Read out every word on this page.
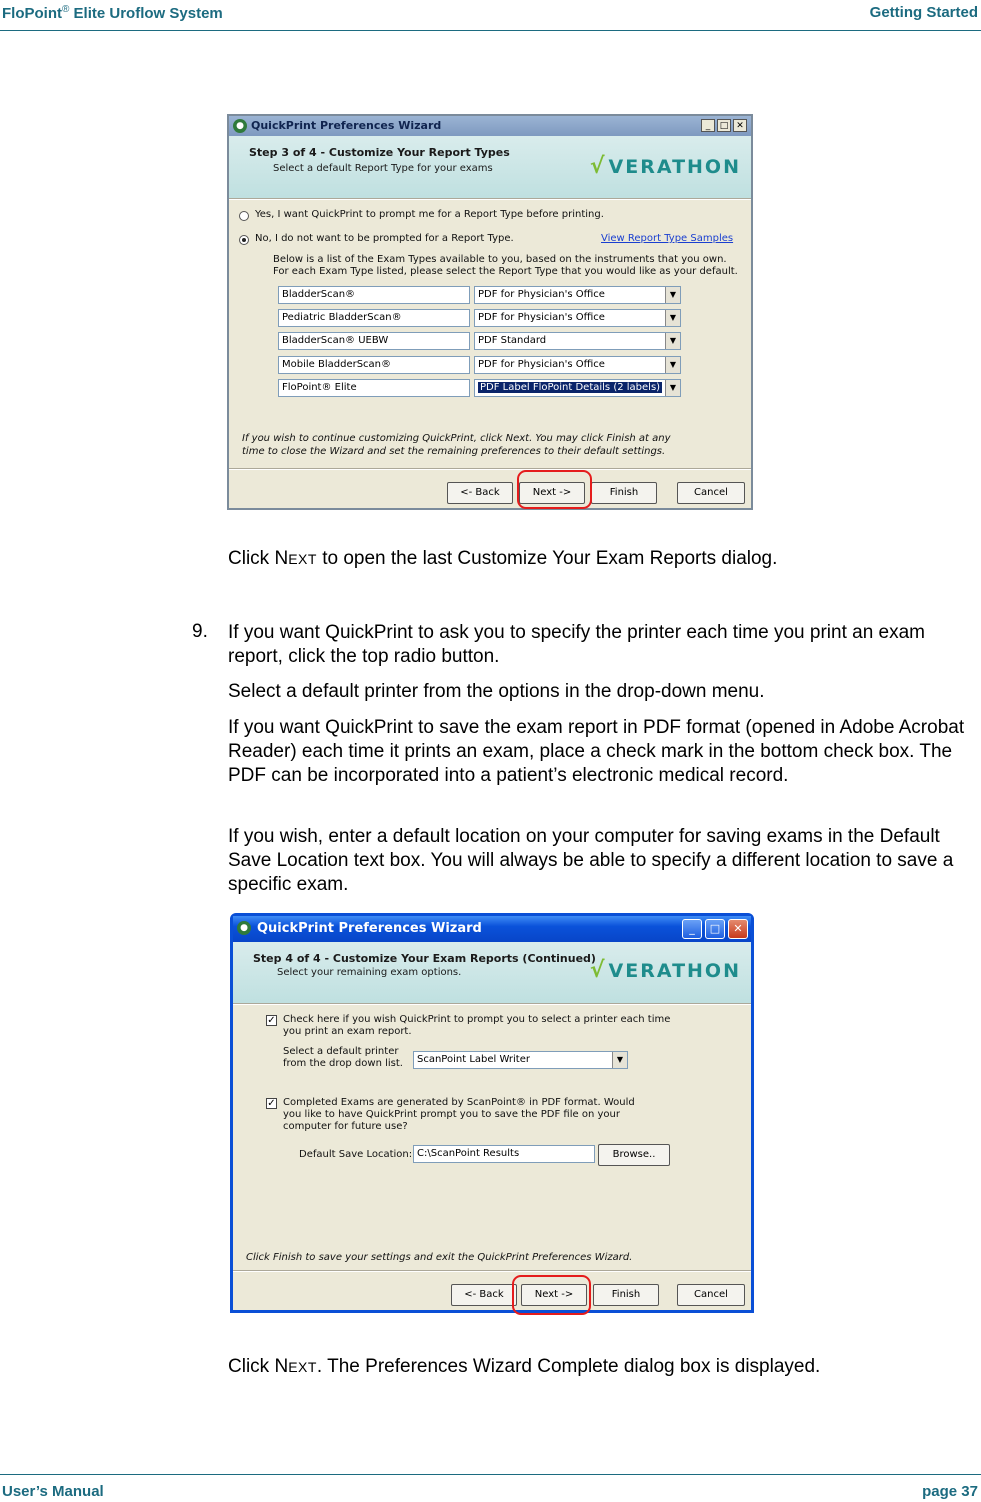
FloPoint® Elite Uroflow System	Getting Started
● QuickPrint Preferences Wizard	_	□ ✕
Step 3 of 4 - Customize Your Report Types
Select a default Report Type for your exams	√ VERATHON
Yes, I want QuickPrint to prompt me for a Report Type before printing.
No, I do not want to be prompted for a Report Type.	View Report Type Samples
Below is a list of the Exam Types available to you, based on the instruments that you own.
For each Exam Type listed, please select the Report Type that you would like as your default.
BladderScan®	PDF for Physician's Office	▼
Pediatric BladderScan®	PDF for Physician's Office	▼
BladderScan® UEBW	PDF Standard	▼
Mobile BladderScan®	PDF for Physician's Office	▼
FloPoint® Elite	PDF Label FloPoint Details (2 labels)	▼
If you wish to continue customizing QuickPrint, click Next. You may click Finish at any
time to close the Wizard and set the remaining preferences to their default settings.
<- Back	Next ->	Finish	Cancel
Click NEXT to open the last Customize Your Exam Reports dialog.
9. If you want QuickPrint to ask you to specify the printer each time you print an exam report, click the top radio button.
Select a default printer from the options in the drop-down menu.
If you want QuickPrint to save the exam report in PDF format (opened in Adobe Acrobat Reader) each time it prints an exam, place a check mark in the bottom check box. The PDF can be incorporated into a patient’s electronic medical record.
If you wish, enter a default location on your computer for saving exams in the Default Save Location text box. You will always be able to specify a different location to save a specific exam.
● QuickPrint Preferences Wizard	_	□	✕
Step 4 of 4 - Customize Your Exam Reports (Continued)
Select your remaining exam options.	√ VERATHON
✓ Check here if you wish QuickPrint to prompt you to select a printer each time
you print an exam report.
Select a default printer
from the drop down list.	ScanPoint Label Writer	▼
✓ Completed Exams are generated by ScanPoint® in PDF format. Would
you like to have QuickPrint prompt you to save the PDF file on your
computer for future use?
Default Save Location: C:\ScanPoint Results	Browse..
Click Finish to save your settings and exit the QuickPrint Preferences Wizard.
<- Back	Next ->	Finish	Cancel
Click NEXT. The Preferences Wizard Complete dialog box is displayed.
User’s Manual	page 37
